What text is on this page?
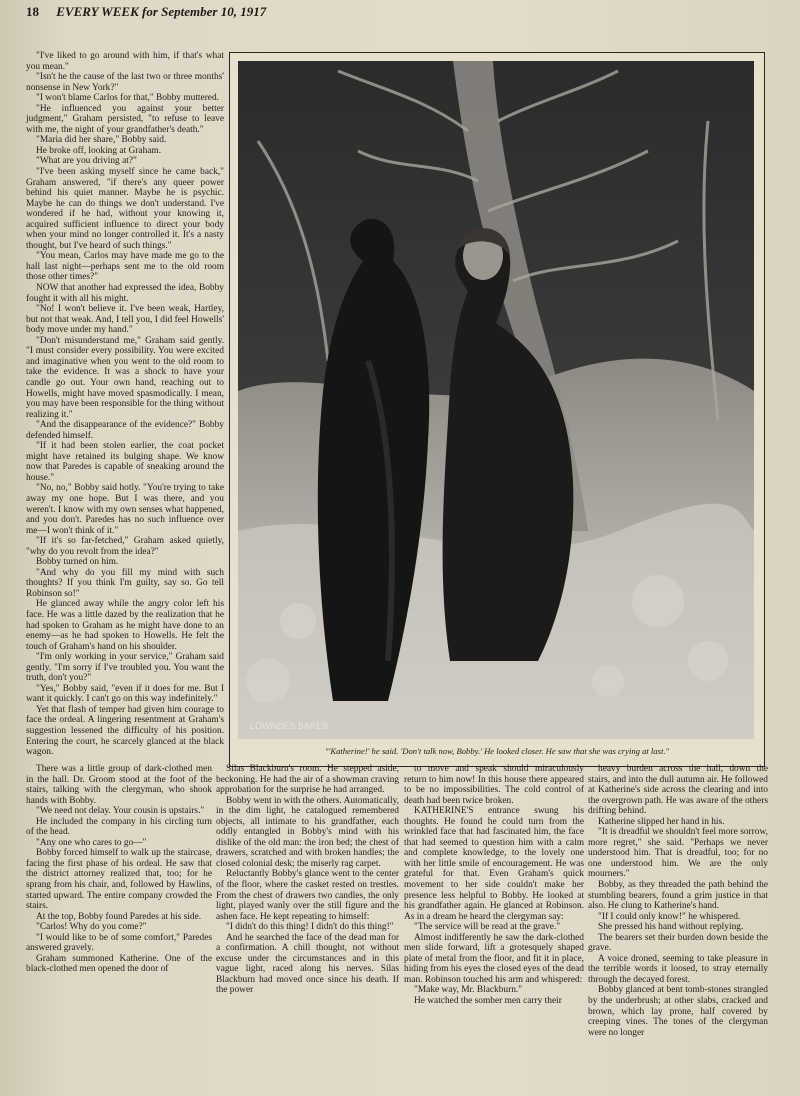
18 EVERY WEEK for September 10, 1917

"I've liked to go around with him, if that's what you mean."

"Isn't he the cause of the last two or three months' nonsense in New York?"

"I won't blame Carlos for that," Bobby muttered.

"He influenced you against your better judgment," Graham persisted, "to refuse to leave with me, the night of your grandfather's death."

"Maria did her share," Bobby said.

He broke off, looking at Graham.

"What are you driving at?"

"I've been asking myself since he came back," Graham answered, "if there's any queer power behind his quiet manner. Maybe he is psychic. Maybe he can do things we don't understand. I've wondered if he had, without your knowing it, acquired sufficient influence to direct your body when your mind no longer controlled it. It's a nasty thought, but I've heard of such things."

"You mean, Carlos may have made me go to the hall last night—perhaps sent me to the old room those other times?"

NOW that another had expressed the idea, Bobby fought it with all his might.

"No! I won't believe it. I've been weak, Hartley, but not that weak. And, I tell you, I did feel Howells' body move under my hand."

"Don't misunderstand me," Graham said gently. "I must consider every possibility. You were excited and imaginative when you went to the old room to take the evidence. It was a shock to have your candle go out. Your own hand, reaching out to Howells, might have moved spasmodically. I mean, you may have been responsible for the thing without realizing it."

"And the disappearance of the evidence?" Bobby defended himself.

"If it had been stolen earlier, the coat pocket might have retained its bulging shape. We know now that Paredes is capable of sneaking around the house."

"No, no," Bobby said hotly. "You're trying to take away my one hope. But I was there, and you weren't. I know with my own senses what happened, and you don't. Paredes has no such influence over me—I won't think of it."

"If it's so far-fetched," Graham asked quietly, "why do you revolt from the idea?"

Bobby turned on him.

"And why do you fill my mind with such thoughts? If you think I'm guilty, say so. Go tell Robinson so!"

He glanced away while the angry color left his face. He was a little dazed by the realization that he had spoken to Graham as he might have done to an enemy—as he had spoken to Howells. He felt the touch of Graham's hand on his shoulder.

"I'm only working in your service," Graham said gently. "I'm sorry if I've troubled you. You want the truth, don't you?"

"Yes," Bobby said, "even if it does for me. But I want it quickly. I can't go on this way indefinitely."

Yet that flash of temper had given him courage to face the ordeal. A lingering resentment at Graham's suggestion lessened the difficulty of his position. Entering the court, he scarcely glanced at the black wagon.

LOWNDES BAKER
"'Katherine!' he said. 'Don't talk now, Bobby.' He looked closer. He saw that she was crying at last."

There was a little group of dark-clothed men in the hall. Dr. Groom stood at the foot of the stairs, talking with the clergyman, who shook hands with Bobby.

"We need not delay. Your cousin is upstairs."

He included the company in his circling turn of the head.

"Any one who cares to go—"

Bobby forced himself to walk up the staircase, facing the first phase of his ordeal. He saw that the district attorney realized that, too; for he sprang from his chair, and, followed by Hawlins, started upward. The entire company crowded the stairs.

At the top, Bobby found Paredes at his side.

"Carlos! Why do you come?"

"I would like to be of some comfort," Paredes answered gravely.

Graham summoned Katherine. One of the black-clothed men opened the door of

Silas Blackburn's room. He stepped aside, beckoning. He had the air of a showman craving approbation for the surprise he had arranged.

Bobby went in with the others. Automatically, in the dim light, he catalogued remembered objects, all intimate to his grandfather, each oddly entangled in Bobby's mind with his dislike of the old man: the iron bed; the chest of drawers, scratched and with broken handles; the closed colonial desk; the miserly rag carpet.

Reluctantly Bobby's glance went to the center of the floor, where the casket rested on trestles. From the chest of drawers two candles, the only light, played wanly over the still figure and the ashen face. He kept repeating to himself:

"I didn't do this thing! I didn't do this thing!"

And he searched the face of the dead man for a confirmation. A chill thought, not without excuse under the circumstances and in this vague light, raced along his nerves. Silas Blackburn had moved once since his death. If the power

to move and speak should miraculously return to him now! In this house there appeared to be no impossibilities. The cold control of death had been twice broken.

KATHERINE'S entrance swung his thoughts. He found he could turn from the wrinkled face that had fascinated him, the face that had seemed to question him with a calm and complete knowledge, to the lovely one with her little smile of encouragement. He was grateful for that. Even Graham's quick movement to her side couldn't make her presence less helpful to Bobby. He looked at his grandfather again. He glanced at Robinson. As in a dream he heard the clergyman say:

"The service will be read at the grave."

Almost indifferently he saw the dark-clothed men slide forward, lift a grotesquely shaped plate of metal from the floor, and fit it in place, hiding from his eyes the closed eyes of the dead man. Robinson touched his arm and whispered:

"Make way, Mr. Blackburn."

He watched the somber men carry their

heavy burden across the hall, down the stairs, and into the dull autumn air. He followed at Katherine's side across the clearing and into the overgrown path. He was aware of the others drifting behind.

Katherine slipped her hand in his.

"It is dreadful we shouldn't feel more sorrow, more regret," she said. "Perhaps we never understood him. That is dreadful, too; for no one understood him. We are the only mourners."

Bobby, as they threaded the path behind the stumbling bearers, found a grim justice in that also. He clung to Katherine's hand.

"If I could only know!" he whispered.

She pressed his hand without replying.

The bearers set their burden down beside the grave.

A voice droned, seeming to take pleasure in the terrible words it loosed, to stray eternally through the decayed forest.

Bobby glanced at bent tomb-stones strangled by the underbrush; at other slabs, cracked and brown, which lay prone, half covered by creeping vines. The tones of the clergyman were no longer
